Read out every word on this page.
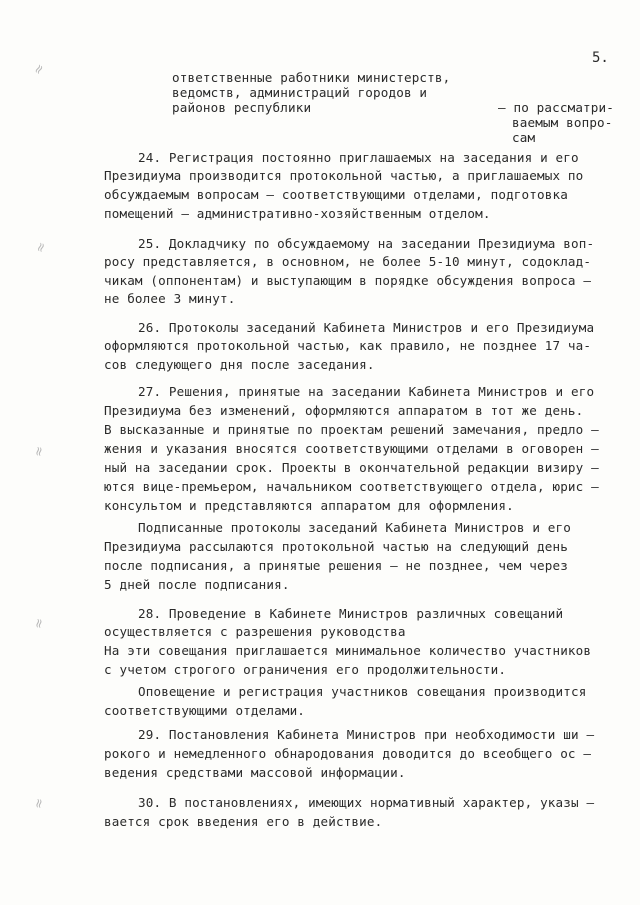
≈
≈
≈
≈
≈
5.
ответственные работники министерств,
ведомств, администраций городов и
районов республики	– по рассматри-
ваемым вопро-
сам
24. Регистрация постоянно приглашаемых на заседания и его
Президиума производится протокольной частью, а приглашаемых по
обсуждаемым вопросам – соответствующими отделами, подготовка
помещений – административно-хозяйственным отделом.
25. Докладчику по обсуждаемому на заседании Президиума воп-
росу представляется, в основном, не более 5-10 минут, содоклад-
чикам (оппонентам) и выступающим в порядке обсуждения вопроса –
не более 3 минут.
26. Протоколы заседаний Кабинета Министров и его Президиума
оформляются протокольной частью, как правило, не позднее 17 ча-
сов следующего дня после заседания.
27. Решения, принятые на заседании Кабинета Министров и его
Президиума без изменений, оформляются аппаратом в тот же день.
В высказанные и принятые по проектам решений замечания, предло –
жения и указания вносятся соответствующими отделами в оговорен –
ный на заседании срок. Проекты в окончательной редакции визиру –
ются вице-премьером, начальником соответствующего отдела, юрис –
консультом и представляются аппаратом для оформления.
Подписанные протоколы заседаний Кабинета Министров и его
Президиума рассылаются протокольной частью на следующий день
после подписания, а принятые решения – не позднее, чем через
5 дней после подписания.
28. Проведение в Кабинете Министров различных совещаний
осуществляется с разрешения руководства
На эти совещания приглашается минимальное количество участников
с учетом строгого ограничения его продолжительности.
Оповещение и регистрация участников совещания производится
соответствующими отделами.
29. Постановления Кабинета Министров при необходимости ши –
рокого и немедленного обнародования доводится до всеобщего ос –
ведения средствами массовой информации.
30. В постановлениях, имеющих нормативный характер, указы –
вается срок введения его в действие.
